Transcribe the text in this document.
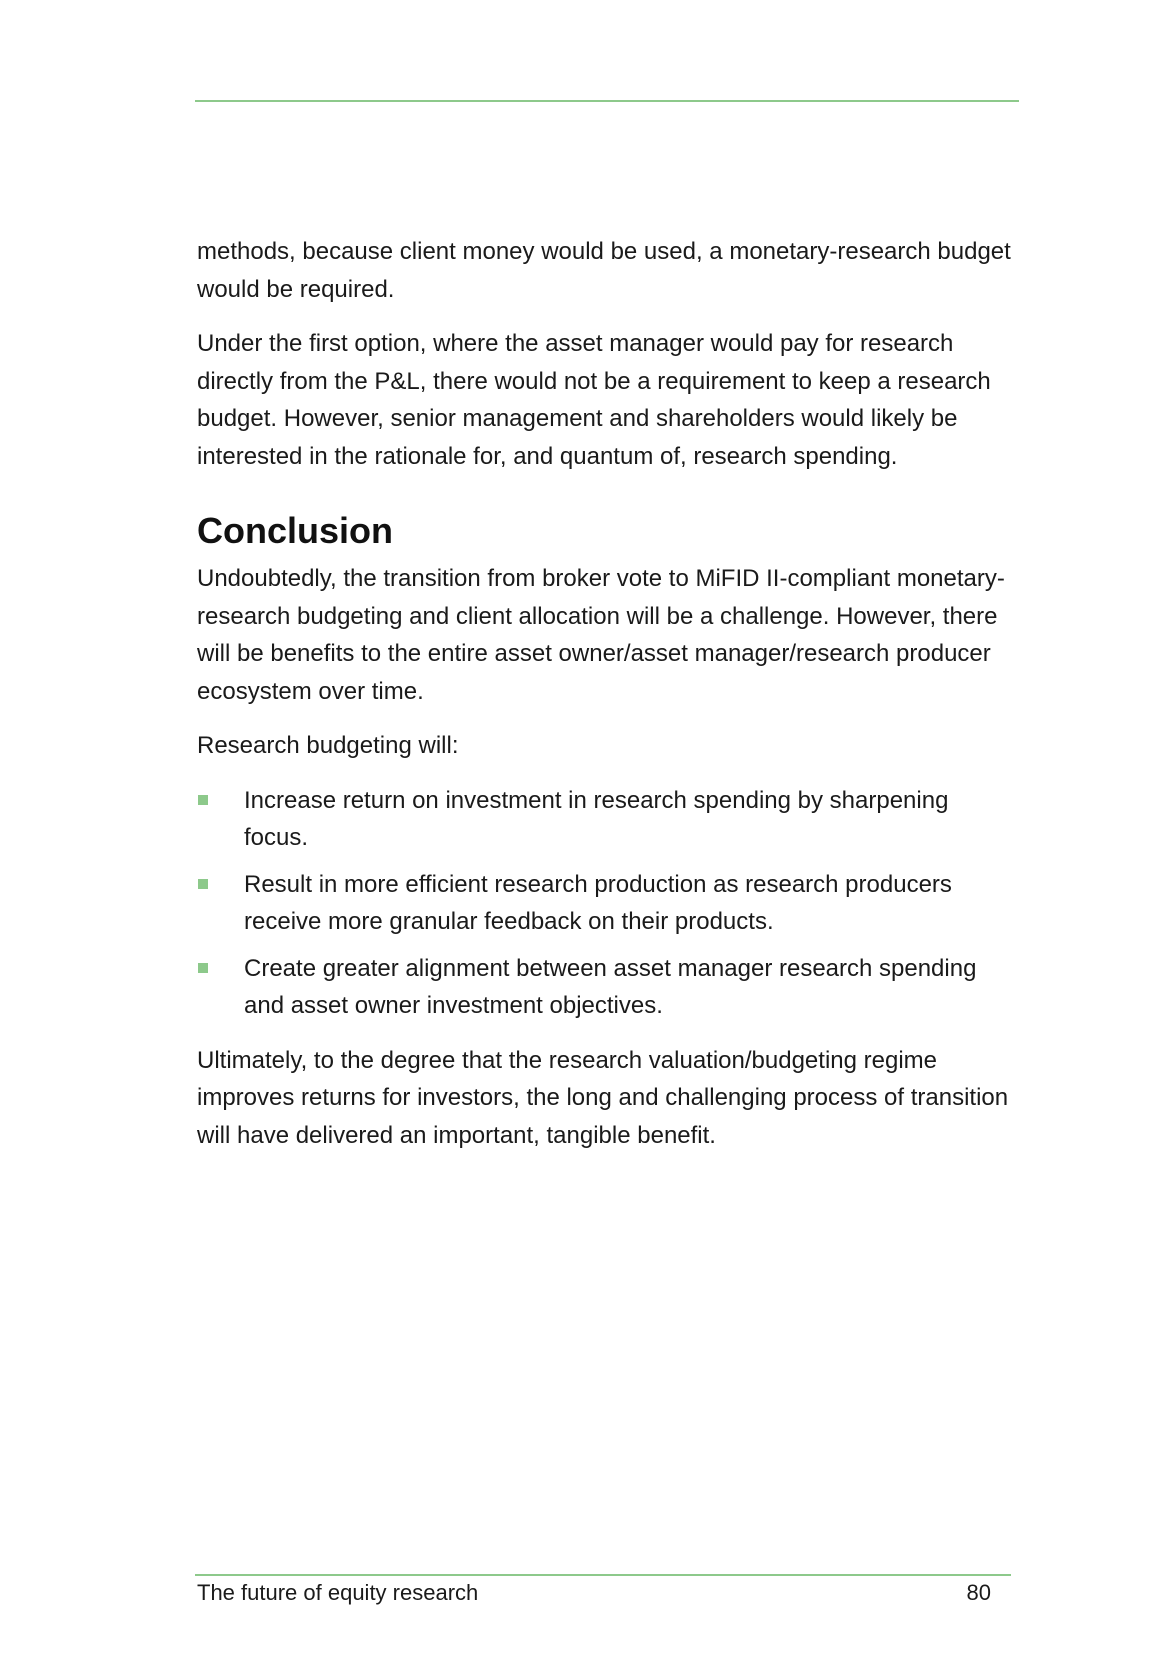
methods, because client money would be used, a monetary-research budget would be required.

Under the first option, where the asset manager would pay for research directly from the P&L, there would not be a requirement to keep a research budget. However, senior management and shareholders would likely be interested in the rationale for, and quantum of, research spending.

Conclusion

Undoubtedly, the transition from broker vote to MiFID II-compliant monetary-research budgeting and client allocation will be a challenge. However, there will be benefits to the entire asset owner/asset manager/research producer ecosystem over time.

Research budgeting will:

Increase return on investment in research spending by sharpening focus.
Result in more efficient research production as research producers receive more granular feedback on their products.
Create greater alignment between asset manager research spending and asset owner investment objectives.

Ultimately, to the degree that the research valuation/budgeting regime improves returns for investors, the long and challenging process of transition will have delivered an important, tangible benefit.

The future of equity research	80
